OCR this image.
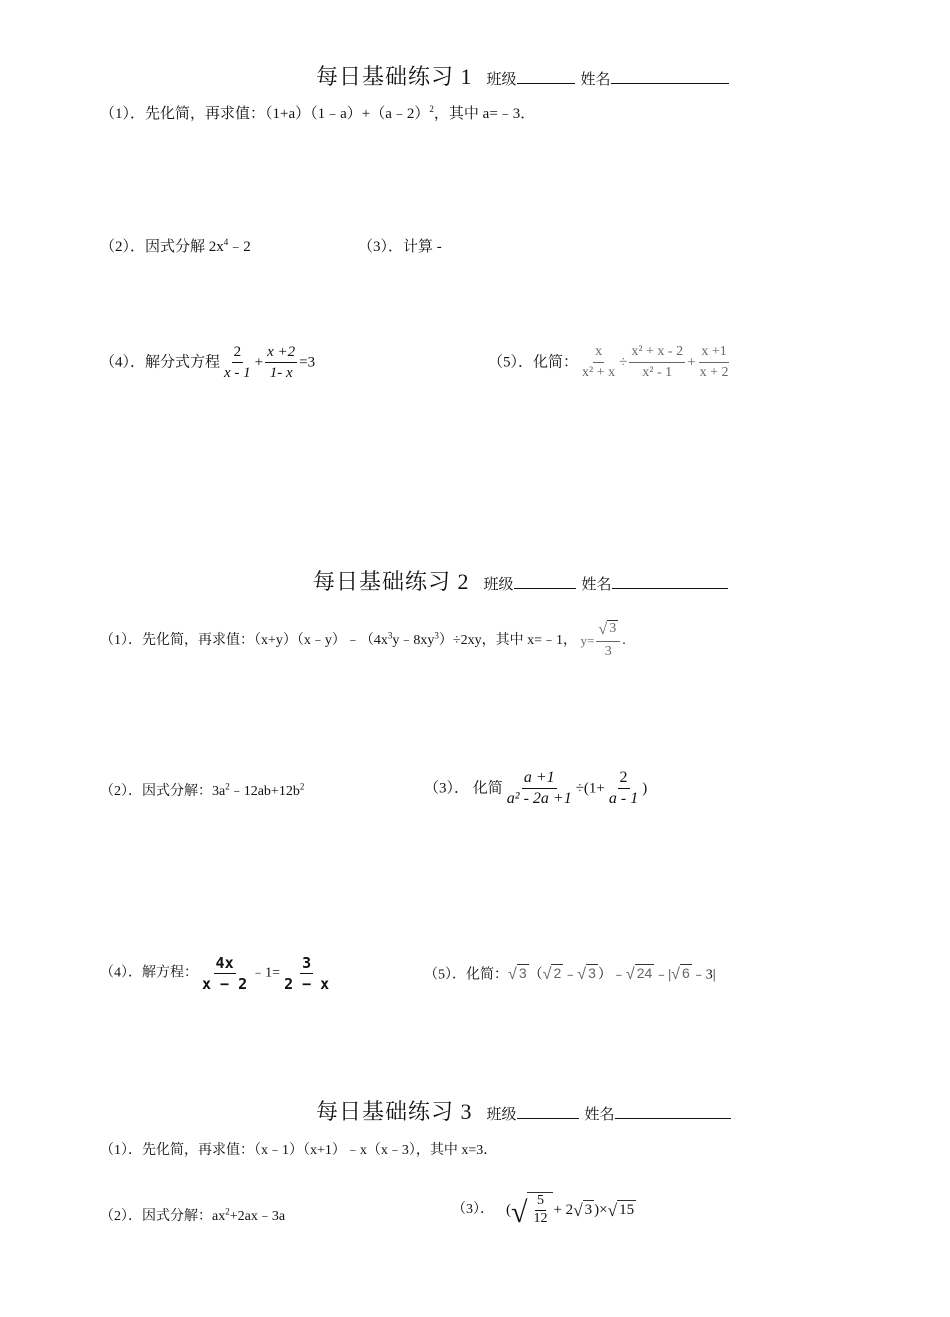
每日基础练习 1 班级	姓名
（1）．先化简，再求值：（1+a）（1﹣a）+（a﹣2）$^2$，其中 a=﹣3．
（2）．因式分解 $2x^4﹣2$	（3）．计算 -
（4）．解分式方程 $\frac{2}{x - 1} + \frac{x +2}{1- x} =3$	（5）．化简： $\frac{x}{\text{x² + x}} \div \frac{\text{x² + x - 2}}{\text{x² - 1}} + \frac{x +1}{x + 2}$
每日基础练习 2 班级	姓名
（1）．先化简，再求值：$(x+y)(x﹣y)﹣(4x^3y﹣8xy^3)\div 2xy$，其中 x=﹣1， $y= \frac{√ 3}{3}$ .
（2）．因式分解：$3a^2﹣12ab+12b^2$	（3）． 化简 $\frac{a +1}{\text{a² - 2a +1}} \div(1+ \frac{2}{a - 1}$ )
（4）．解方程： $\frac{4x}{x - 2}$ ﹣1= $\frac{3}{2 - x}$	（5）．化简： √ 3 （ √ 2 ﹣ √ 3 ）﹣ √ 24 ﹣| √ 6 ﹣3|
每日基础练习 3 班级	姓名
（1）．先化简，再求值：（x﹣1）（x+1）﹣x（x﹣3），其中 x=3．
（2）．因式分解：$ax^2+2ax﹣3a$	（3）． ( √ $\frac{5}{12} + 2$ √ 3 )× √ 15
